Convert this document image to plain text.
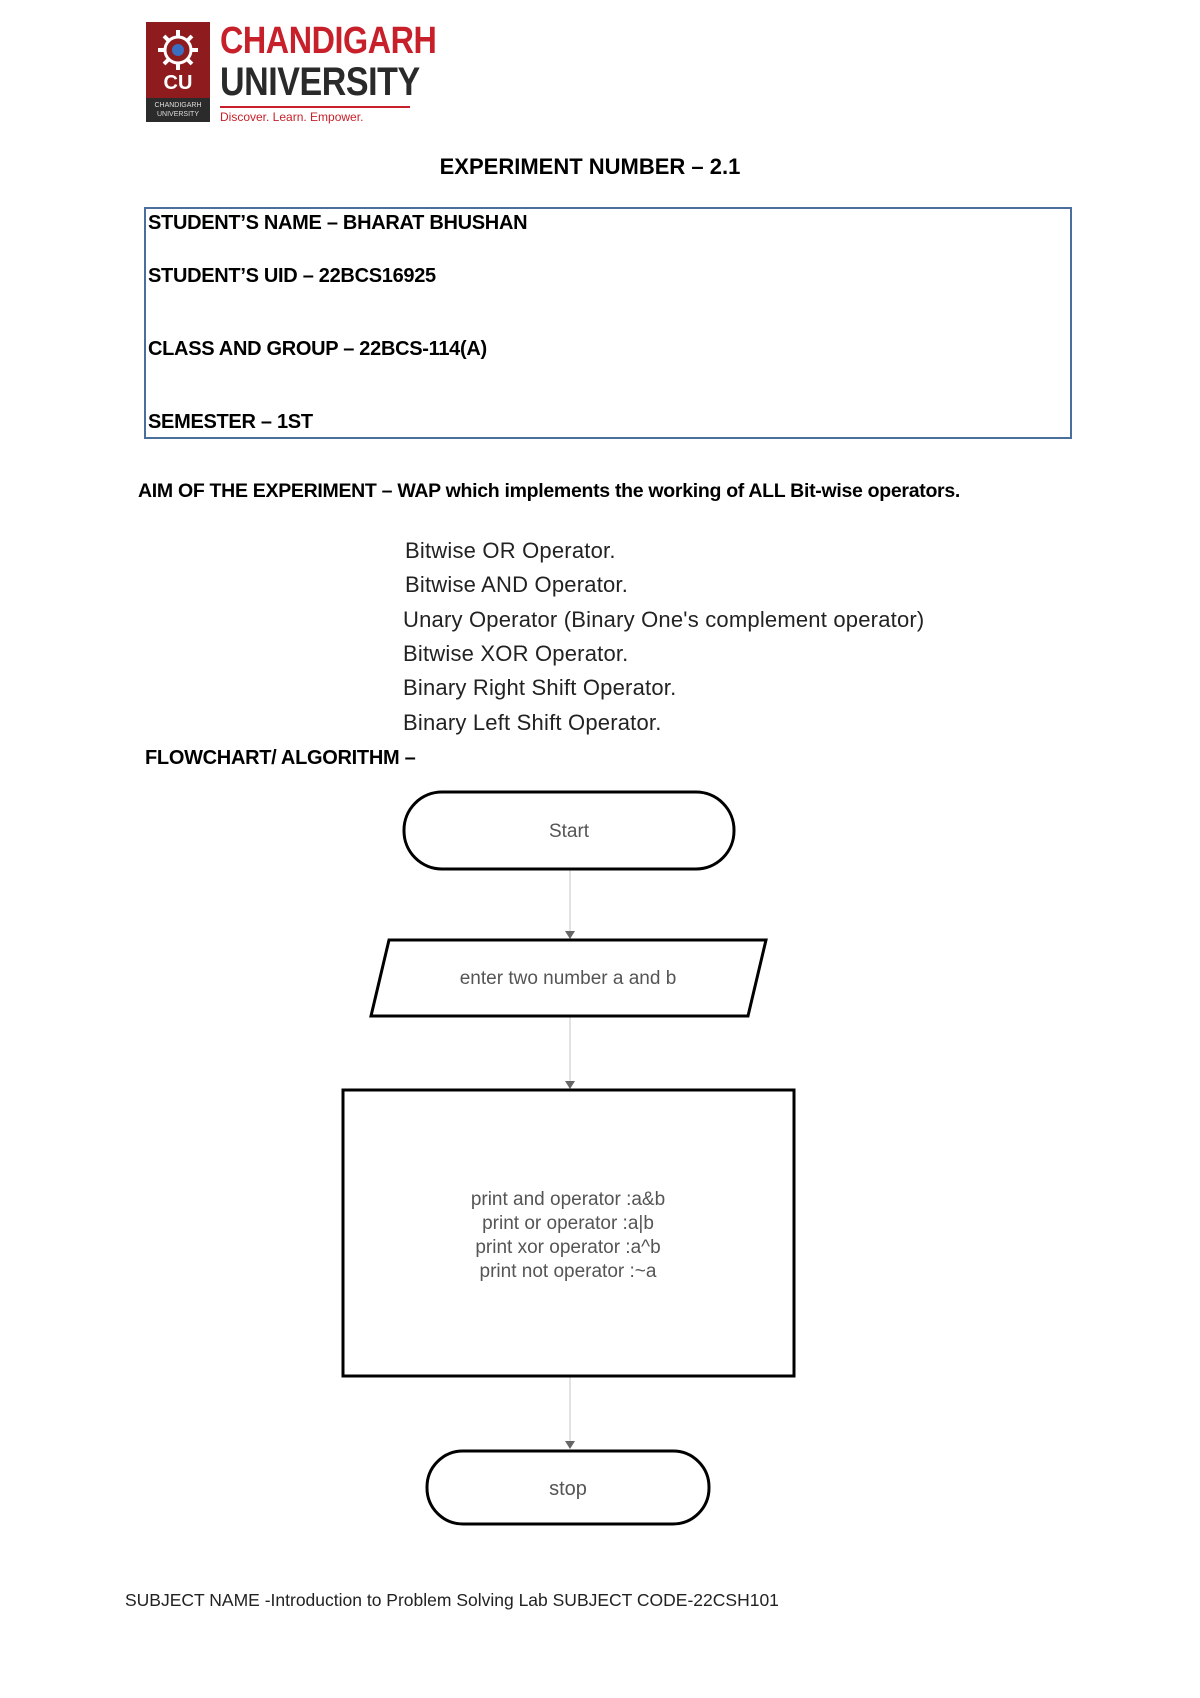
CU
CHANDIGARH UNIVERSITY
CHANDIGARH
UNIVERSITY
Discover. Learn. Empower.
EXPERIMENT NUMBER – 2.1
STUDENT’S NAME – BHARAT BHUSHAN
STUDENT’S UID – 22BCS16925
CLASS AND GROUP – 22BCS-114(A)
SEMESTER – 1ST
AIM OF THE EXPERIMENT – WAP which implements the working of ALL Bit-wise operators.
Bitwise OR Operator.
Bitwise AND Operator.
Unary Operator (Binary One's complement operator)
Bitwise XOR Operator.
Binary Right Shift Operator.
Binary Left Shift Operator.
FLOWCHART/ ALGORITHM –
Start
enter two number a and b
print and operator :a&b
print or operator :a|b
print xor operator :a^b
print not operator :~a
stop
SUBJECT NAME -Introduction to Problem Solving Lab SUBJECT CODE-22CSH101
